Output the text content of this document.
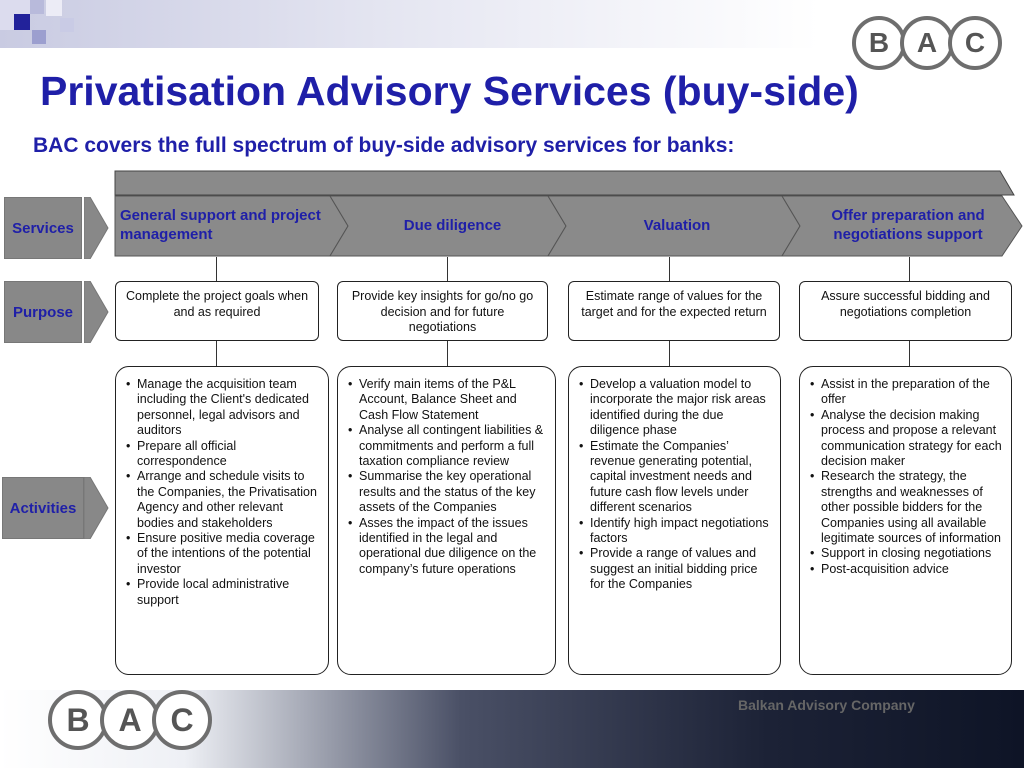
B A C
Privatisation Advisory Services (buy-side)
BAC covers the full spectrum of buy-side advisory services for banks:
General support and project management
Due diligence	Valuation
Offer preparation and negotiations support
Services
Purpose
Activities
Complete the project goals when and as required
Provide key insights for go/no go decision and for future negotiations
Estimate range of values for the target and for the expected return
Assure successful bidding and negotiations completion
• Manage the acquisition team including the Client's dedicated personnel, legal advisors and auditors
• Prepare all official correspondence
• Arrange and schedule visits to the Companies, the Privatisation Agency and other relevant bodies and stakeholders
• Ensure positive media coverage of the intentions of the potential investor
• Provide local administrative support
• Verify main items of the P&L Account, Balance Sheet and Cash Flow Statement
• Analyse all contingent liabilities & commitments and perform a full taxation compliance review
• Summarise the key operational results and the status of the key assets of the Companies
• Asses the impact of the issues identified in the legal and operational due diligence on the company’s future operations
• Develop a valuation model to incorporate the major risk areas identified during the due diligence phase
• Estimate the Companies’ revenue generating potential, capital investment needs and future cash flow levels under different scenarios
• Identify high impact negotiations factors
• Provide a range of values and suggest an initial bidding price for the Companies
• Assist in the preparation of the offer
• Analyse the decision making process and propose a relevant communication strategy for each decision maker
• Research the strategy, the strengths and weaknesses of other possible bidders for the Companies using all available legitimate sources of information
• Support in closing negotiations
• Post-acquisition advice
B A C	Balkan Advisory Company
